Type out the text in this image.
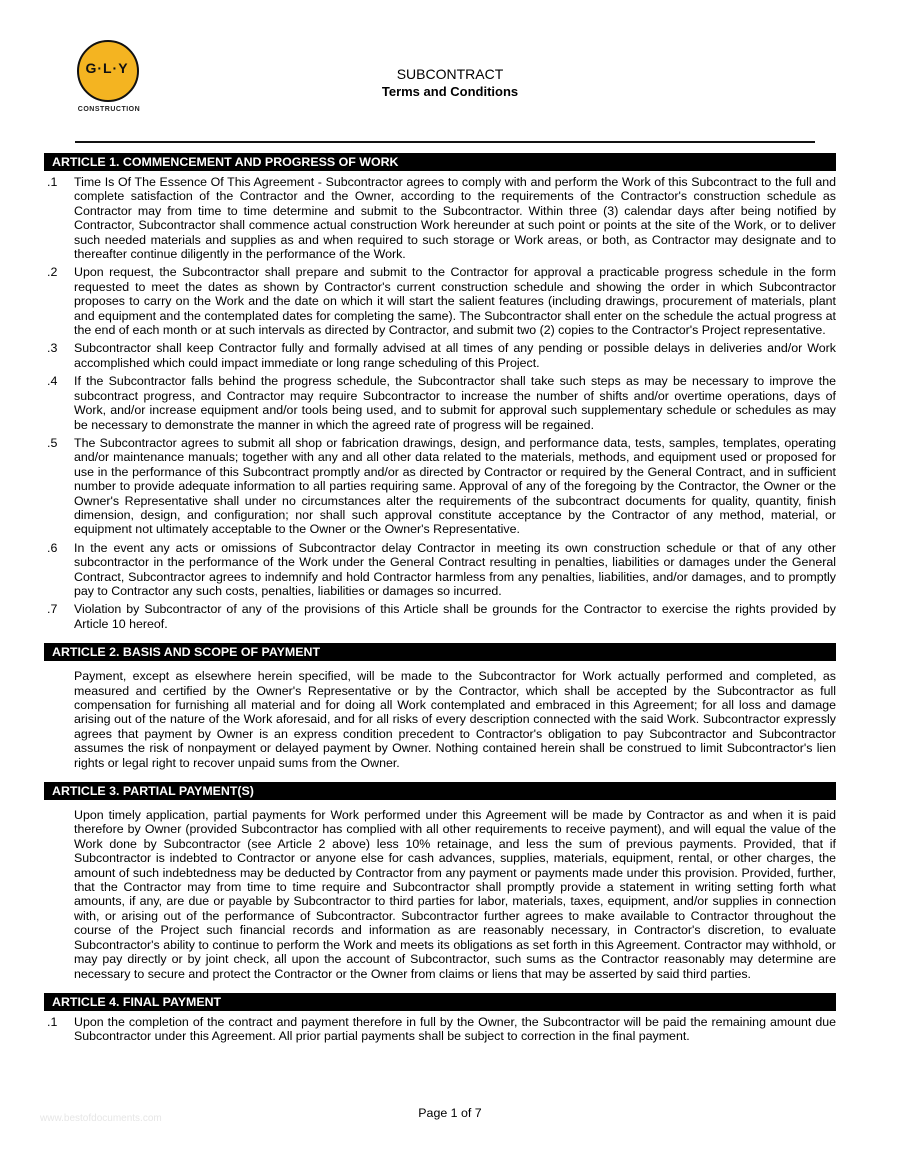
G·L·Y
CONSTRUCTION
SUBCONTRACT
Terms and Conditions
ARTICLE 1. COMMENCEMENT AND PROGRESS OF WORK
.1 Time Is Of The Essence Of This Agreement - Subcontractor agrees to comply with and perform the Work of this Subcontract to the full and complete satisfaction of the Contractor and the Owner, according to the requirements of the Contractor's construction schedule as Contractor may from time to time determine and submit to the Subcontractor. Within three (3) calendar days after being notified by Contractor, Subcontractor shall commence actual construction Work hereunder at such point or points at the site of the Work, or to deliver such needed materials and supplies as and when required to such storage or Work areas, or both, as Contractor may designate and to thereafter continue diligently in the performance of the Work.
.2 Upon request, the Subcontractor shall prepare and submit to the Contractor for approval a practicable progress schedule in the form requested to meet the dates as shown by Contractor's current construction schedule and showing the order in which Subcontractor proposes to carry on the Work and the date on which it will start the salient features (including drawings, procurement of materials, plant and equipment and the contemplated dates for completing the same). The Subcontractor shall enter on the schedule the actual progress at the end of each month or at such intervals as directed by Contractor, and submit two (2) copies to the Contractor's Project representative.
.3 Subcontractor shall keep Contractor fully and formally advised at all times of any pending or possible delays in deliveries and/or Work accomplished which could impact immediate or long range scheduling of this Project.
.4 If the Subcontractor falls behind the progress schedule, the Subcontractor shall take such steps as may be necessary to improve the subcontract progress, and Contractor may require Subcontractor to increase the number of shifts and/or overtime operations, days of Work, and/or increase equipment and/or tools being used, and to submit for approval such supplementary schedule or schedules as may be necessary to demonstrate the manner in which the agreed rate of progress will be regained.
.5 The Subcontractor agrees to submit all shop or fabrication drawings, design, and performance data, tests, samples, templates, operating and/or maintenance manuals; together with any and all other data related to the materials, methods, and equipment used or proposed for use in the performance of this Subcontract promptly and/or as directed by Contractor or required by the General Contract, and in sufficient number to provide adequate information to all parties requiring same. Approval of any of the foregoing by the Contractor, the Owner or the Owner's Representative shall under no circumstances alter the requirements of the subcontract documents for quality, quantity, finish dimension, design, and configuration; nor shall such approval constitute acceptance by the Contractor of any method, material, or equipment not ultimately acceptable to the Owner or the Owner's Representative.
.6 In the event any acts or omissions of Subcontractor delay Contractor in meeting its own construction schedule or that of any other subcontractor in the performance of the Work under the General Contract resulting in penalties, liabilities or damages under the General Contract, Subcontractor agrees to indemnify and hold Contractor harmless from any penalties, liabilities, and/or damages, and to promptly pay to Contractor any such costs, penalties, liabilities or damages so incurred.
.7 Violation by Subcontractor of any of the provisions of this Article shall be grounds for the Contractor to exercise the rights provided by Article 10 hereof.
ARTICLE 2. BASIS AND SCOPE OF PAYMENT
Payment, except as elsewhere herein specified, will be made to the Subcontractor for Work actually performed and completed, as measured and certified by the Owner's Representative or by the Contractor, which shall be accepted by the Subcontractor as full compensation for furnishing all material and for doing all Work contemplated and embraced in this Agreement; for all loss and damage arising out of the nature of the Work aforesaid, and for all risks of every description connected with the said Work. Subcontractor expressly agrees that payment by Owner is an express condition precedent to Contractor's obligation to pay Subcontractor and Subcontractor assumes the risk of nonpayment or delayed payment by Owner. Nothing contained herein shall be construed to limit Subcontractor's lien rights or legal right to recover unpaid sums from the Owner.
ARTICLE 3. PARTIAL PAYMENT(S)
Upon timely application, partial payments for Work performed under this Agreement will be made by Contractor as and when it is paid therefore by Owner (provided Subcontractor has complied with all other requirements to receive payment), and will equal the value of the Work done by Subcontractor (see Article 2 above) less 10% retainage, and less the sum of previous payments. Provided, that if Subcontractor is indebted to Contractor or anyone else for cash advances, supplies, materials, equipment, rental, or other charges, the amount of such indebtedness may be deducted by Contractor from any payment or payments made under this provision. Provided, further, that the Contractor may from time to time require and Subcontractor shall promptly provide a statement in writing setting forth what amounts, if any, are due or payable by Subcontractor to third parties for labor, materials, taxes, equipment, and/or supplies in connection with, or arising out of the performance of Subcontractor. Subcontractor further agrees to make available to Contractor throughout the course of the Project such financial records and information as are reasonably necessary, in Contractor's discretion, to evaluate Subcontractor's ability to continue to perform the Work and meets its obligations as set forth in this Agreement. Contractor may withhold, or may pay directly or by joint check, all upon the account of Subcontractor, such sums as the Contractor reasonably may determine are necessary to secure and protect the Contractor or the Owner from claims or liens that may be asserted by said third parties.
ARTICLE 4. FINAL PAYMENT
.1 Upon the completion of the contract and payment therefore in full by the Owner, the Subcontractor will be paid the remaining amount due Subcontractor under this Agreement. All prior partial payments shall be subject to correction in the final payment.
www.bestofdocuments.com	Page 1 of 7
